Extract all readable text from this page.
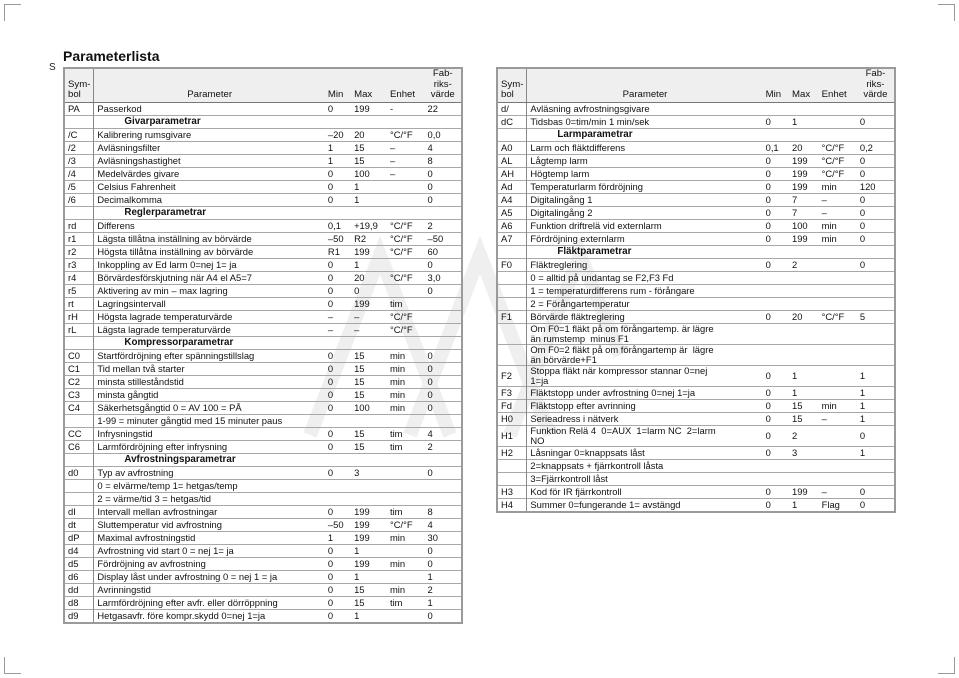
S
Parameterlista
Sym-
bol	Parameter	Min	Max	Enhet	Fab-
riks-
värde
PA	Passerkod	0	199	-	22
	Givarparametrar				
/C	Kalibrering rumsgivare	–20	20	°C/°F	0,0
/2	Avläsningsfilter	1	15	–	4
/3	Avläsningshastighet	1	15	–	8
/4	Medelvärdes givare	0	100	–	0
/5	Celsius Fahrenheit	0	1		0
/6	Decimalkomma	0	1		0
	Reglerparametrar				
rd	Differens	0,1	+19,9	°C/°F	2
r1	Lägsta tillåtna inställning av börvärde	–50	R2	°C/°F	–50
r2	Högsta tillåtna inställning av börvärde	R1	199	°C/°F	60
r3	Inkoppling av Ed larm 0=nej 1= ja	0	1		0
r4	Börvärdesförskjutning när A4 el A5=7	0	20	°C/°F	3,0
r5	Aktivering av min – max lagring	0	0		0
rt	Lagringsintervall	0	199	tim	
rH	Högsta lagrade temperaturvärde	–	–	°C/°F	
rL	Lägsta lagrade temperaturvärde	–	–	°C/°F	
	Kompressorparametrar				
C0	Startfördröjning efter spänningstillslag	0	15	min	0
C1	Tid mellan två starter	0	15	min	0
C2	minsta stilleståndstid	0	15	min	0
C3	minsta gångtid	0	15	min	0
C4	Säkerhetsgångtid 0 = AV 100 = PÅ	0	100	min	0
	1-99 = minuter gångtid med 15 minuter paus				
CC	Infrysningstid	0	15	tim	4
C6	Larmfördröjning efter infrysning	0	15	tim	2
	Avfrostningsparametrar				
d0	Typ av avfrostning	0	3		0
	0 = elvärme/temp 1= hetgas/temp				
	2 = värme/tid 3 = hetgas/tid				
dI	Intervall mellan avfrostningar	0	199	tim	8
dt	Sluttemperatur vid avfrostning	–50	199	°C/°F	4
dP	Maximal avfrostningstid	1	199	min	30
d4	Avfrostning vid start 0 = nej 1= ja	0	1		0
d5	Fördröjning av avfrostning	0	199	min	0
d6	Display låst under avfrostning 0 = nej 1 = ja	0	1		1
dd	Avrinningstid	0	15	min	2
d8	Larmfördröjning efter avfr. eller dörröppning	0	15	tim	1
d9	Hetgasavfr. före kompr.skydd 0=nej 1=ja	0	1		0
Sym-
bol	Parameter	Min	Max	Enhet	Fab-
riks-
värde
d/	Avläsning avfrostningsgivare				
dC	Tidsbas 0=tim/min 1 min/sek	0	1		0
	Larmparametrar				
A0	Larm och fläktdifferens	0,1	20	°C/°F	0,2
AL	Lågtemp larm	0	199	°C/°F	0
AH	Högtemp larm	0	199	°C/°F	0
Ad	Temperaturlarm fördröjning	0	199	min	120
A4	Digitalingång 1	0	7	–	0
A5	Digitalingång 2	0	7	–	0
A6	Funktion driftrelä vid externlarm	0	100	min	0
A7	Fördröjning externlarm	0	199	min	0
	Fläktparametrar				
F0	Fläktreglering	0	2		0
	0 = alltid på undantag se F2,F3 Fd				
	1 = temperaturdifferens rum - förångare				
	2 = Förångartemperatur				
F1	Börvärde fläktreglering	0	20	°C/°F	5
	Om F0=1 fläkt på om förångartemp. är lägre
än rumstemp  minus F1				
	Om F0=2 fläkt på om förångartemp är  lägre
än börvärde+F1				
F2	Stoppa fläkt när kompressor stannar 0=nej
1=ja	0	1		1
F3	Fläktstopp under avfrostning 0=nej 1=ja	0	1		1
Fd	Fläktstopp efter avrinning	0	15	min	1
H0	Serieadress i nätverk	0	15	–	1
H1	Funktion Relä 4  0=AUX  1=larm NC  2=larm
NO	0	2		0
H2	Låsningar 0=knappsats låst	0	3		1
	2=knappsats + fjärrkontroll låsta				
	3=Fjärrkontroll låst				
H3	Kod för IR fjärrkontroll	0	199	–	0
H4	Summer 0=fungerande 1= avstängd	0	1	Flag	0
